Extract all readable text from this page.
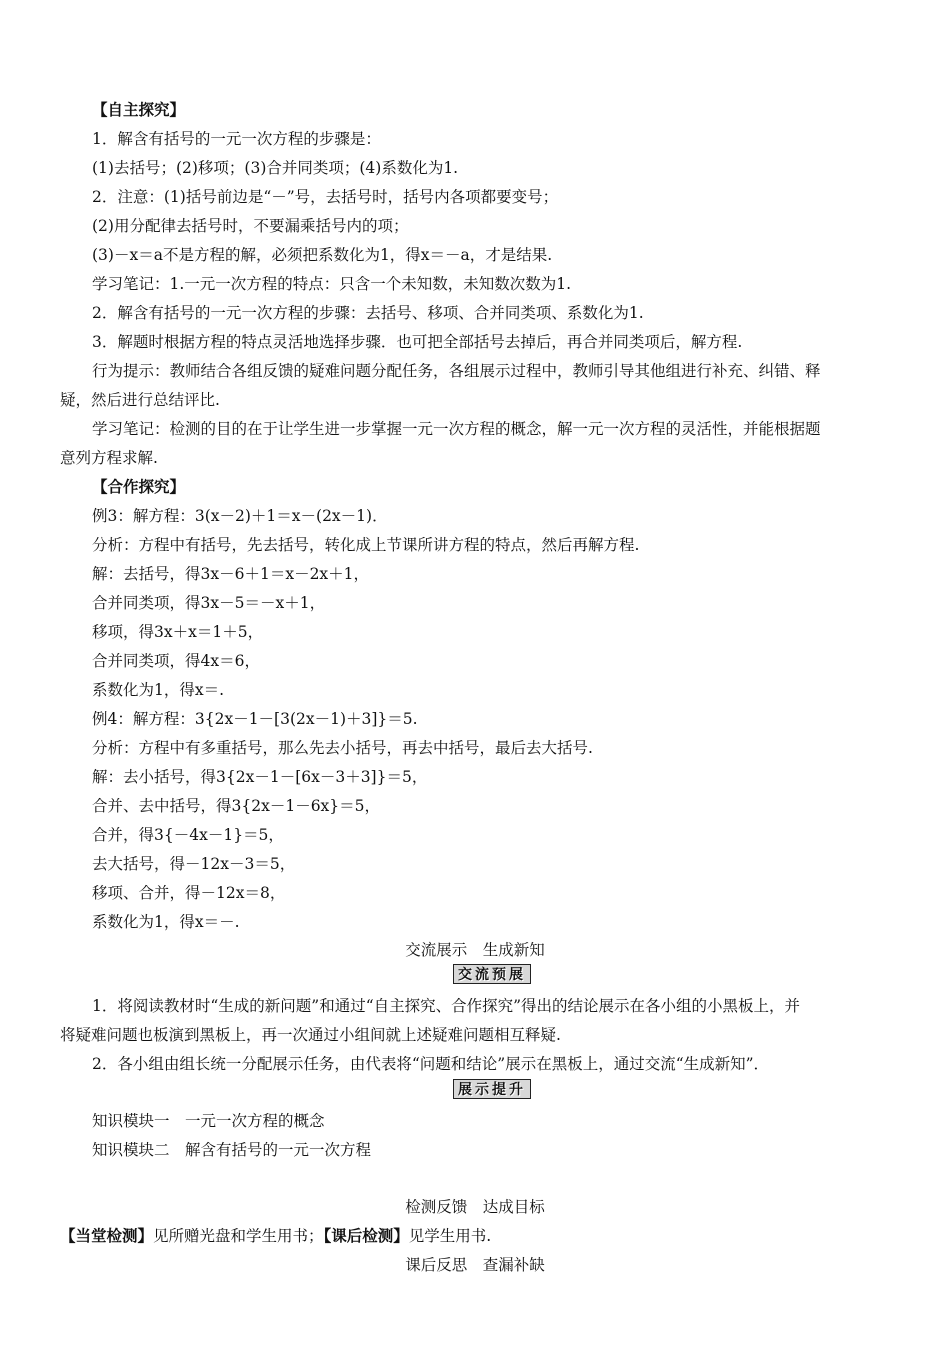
【自主探究】
1．解含有括号的一元一次方程的步骤是：
(1)去括号；(2)移项；(3)合并同类项；(4)系数化为1.
2．注意：(1)括号前边是“－”号，去括号时，括号内各项都要变号；
(2)用分配律去括号时，不要漏乘括号内的项；
(3)－x＝a不是方程的解，必须把系数化为1，得x＝－a，才是结果.
学习笔记：1.一元一次方程的特点：只含一个未知数，未知数次数为1.
2．解含有括号的一元一次方程的步骤：去括号、移项、合并同类项、系数化为1.
3．解题时根据方程的特点灵活地选择步骤．也可把全部括号去掉后，再合并同类项后，解方程.
行为提示：教师结合各组反馈的疑难问题分配任务，各组展示过程中，教师引导其他组进行补充、纠错、释
疑，然后进行总结评比.
学习笔记：检测的目的在于让学生进一步掌握一元一次方程的概念，解一元一次方程的灵活性，并能根据题
意列方程求解.
【合作探究】
例3：解方程：3(x－2)＋1＝x－(2x－1)．
分析：方程中有括号，先去括号，转化成上节课所讲方程的特点，然后再解方程.
解：去括号，得3x－6＋1＝x－2x＋1，
合并同类项，得3x－5＝－x＋1，
移项，得3x＋x＝1＋5，
合并同类项，得4x＝6，
系数化为1，得x＝.
例4：解方程：3{2x－1－[3(2x－1)＋3]}＝5.
分析：方程中有多重括号，那么先去小括号，再去中括号，最后去大括号.
解：去小括号，得3{2x－1－[6x－3＋3]}＝5，
合并、去中括号，得3{2x－1－6x}＝5，
合并，得3{－4x－1}＝5，
去大括号，得－12x－3＝5，
移项、合并，得－12x＝8，
系数化为1，得x＝－.
交流展示　生成新知
交流预展
1．将阅读教材时“生成的新问题”和通过“自主探究、合作探究”得出的结论展示在各小组的小黑板上，并
将疑难问题也板演到黑板上，再一次通过小组间就上述疑难问题相互释疑.
2．各小组由组长统一分配展示任务，由代表将“问题和结论”展示在黑板上，通过交流“生成新知”．
展示提升
知识模块一　一元一次方程的概念
知识模块二　解含有括号的一元一次方程
检测反馈　达成目标
【当堂检测】见所赠光盘和学生用书；【课后检测】见学生用书.
课后反思　查漏补缺
